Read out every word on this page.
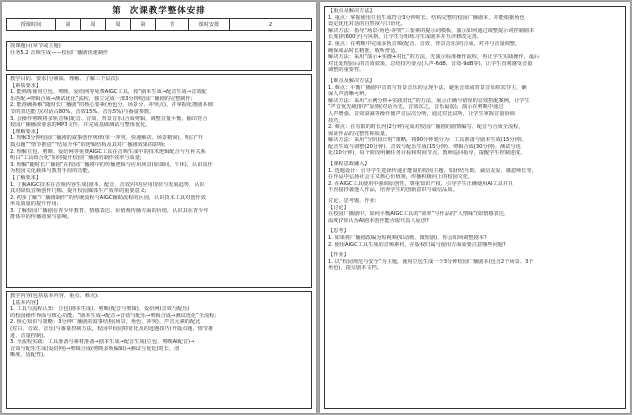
第 次课教学整体安排
授课时间	第	周	周	第	节	课时安排	2
授课题目(章节或主题)
任务5.2 音频生成——校园广播剧快速制作
教学目的、要求(分素质、理解、了解三个层次):
【素质要求】
1. 能熟练使用豆包、剪映、爱给网等免费AIGC工具，按“剧本生成→配音生成→音效配
乐匹配→剪辑合成→测试优化”流程，独立完成一部3分钟校园广播剧的完整制作;
2. 能准确拆解“随时长广播剧”的核心要素(角色分、场景分、冲突点)，并掌握化搜剧本细
节的表达能力(对话占80%，音效15%，音乐5%)与番量参数。
3. 会操作剪映将多轨音频(配音、音效、背景音乐)合成剪辑，调整音量平衡，输出符合
校园广播播放要求的MP3文件，并完成基础测试与整体优化。
【理解要求】
1. 理解3分钟校园广播剧的叙事创作规律(单一冲突、快速解决、场景精简)，明白“开
篇点题”“情节推进”“结尾升华”的逻辑结构及其对广播剧效果的影响;
2. 理解豆包、剪映、爱给网等免费AIGC工具在音频生成中的技术逻辑配合与互补关系
明白“工具组合化”如何提升校园广播剧的制作效率与质量;
3. 理解“随时长广播剧”在校园广播剧中的传播逻辑与应用场景(如课间、午休)，认识其作
为校园文化载体与教育手段的功能。
【了解要求】
1. 了解AIGC技术在音频内容生成(剧本、配音、音效)中的应用现状与发展趋势，认识
其对降低音频创作门槛、提升校园媒体生产效率的重要意义;
2. 初步了解“广播剧制作”的传统流程与AIGC辅助流程的区别，认识技术工具对创作效
率及质量的提升作用;
3. 了解校园广播剧在青少年教育、情感表达、价值观传播方面的价值，认识其在青少年
群体中的传播效果与影响。
教学内容(包括基本内容、重点、难点):
【基本内容】
1. 工具与流程认知：豆包(剧本生成)、剪映(配音与剪辑)、爱给网(音效与配乐)
的校园操作界面与核心功能，“剧本生成→配音→音效与配乐→剪辑合成→测试优化”全流程;
2. 核心知识与策略：3分钟广播剧的叙事结构(场景、角色、冲突)、声音元素的配比
(对白、音效、音乐)与番量控制方法，校园中校园特征化及的选题技巧(开篇点题、情节推
进、音量控制)。
3. 全流程实践：工具准备与素材准备→剧本生成→配音生成(豆包、剪映AI配音)→
音效与配乐生成(爱给网)→剪辑合成(剪映多轨编辑)→测试与优化(时长、清
晰度、适配性)。
【重点及解决方法】
1. 重点：掌握使用豆包生成符合3分钟时长、结构完整的校园广播剧本，并能根据角色
设定优化对话的自然度与口语化。
解决方法：指导“场景-角色-冲突”三要素的提示词模板，演示如何通过调整提示词控制剧本
长度(约600字)与风格，让学生分组练习生成剧本并互评修改完善。
2. 重点：在剪映中完成多轨音频(配音、音效、背景音乐)的合成，对齐与音量调整，
确保成品时长精准，收听舒适。
解决方法：采用“演示+实操+对比”的方法，先演示标准操作流程，再让学生实践操作，最后
对比处理前后的音效效果，总结技巧要点(人声-6dB、音效-9dB等)，让学生直观感受音量
调整的重要性。
【难点及解决方法】
1. 难点：平衡广播剧中音效与背景音乐的呈现手法，避免音效或背景音乐喧宾夺主，确
保人声清晰可辨。
解决方法：采用“示例分析+实践对比”的方法，展示正确与错误的音效搭配案例，让学生
“声音优先级排序”原则(对话为先，音效次之，音乐最弱)，演示在剪映中通过
人声增强、音效衰减等操作使声音层次分明，通过对比试听，让学生掌握音量协调
技巧。
2. 难点：在有限的时长内(2分钟)完成对校园广播剧的剧情编写、配音与合成全流程，
保证作品的完整性和质量。
解决方法：采用“分阶段计时”策略，将90分钟划分为：工具准备与剧本生成(15分钟)、
配音生成与调整(20分钟)、音效与配乐生成(15分钟)、剪辑合成(30分钟)、测试与优
化(10分钟)，每个阶段明确任务目标和时间节点，教师巡回指导，提醒学生控制进度。
【课程思政融入】
1. 选题设计：引导学生选择传递正能量的校园主题，如团结互助、诚信友爱、感恩师长等，
在作品中弘扬社会主义核心价值观，传播积极向上的校园文化。
2. 在AIGC工具使用中强调原创性，尊重知识产权，引导学生正确使用AI工具并且
不直接抄袭他人作品，培养学生的创新意识与诚信品质。
讨论、思考题、作业:
【讨论】
在校园广播剧中，如何平衡AIGC工具的“效率”与作品的“人情味”(如情感表达、
温度)?你认为AI剧本创作能否取代真人原创?
【思考】
1. 如果将广播剧改编为短视频(如动画、微短剧)，你会如何调整剧本?
2. 使用AIGC工具生成的音频素材，在版权归属与使用方面需要注意哪些问题?
【作业】
1. 以“校园规范与安全”为主题，使用豆包生成一个3分钟校园广播剧本(包含2个场景、3个
角色)，提交剧本文档。
